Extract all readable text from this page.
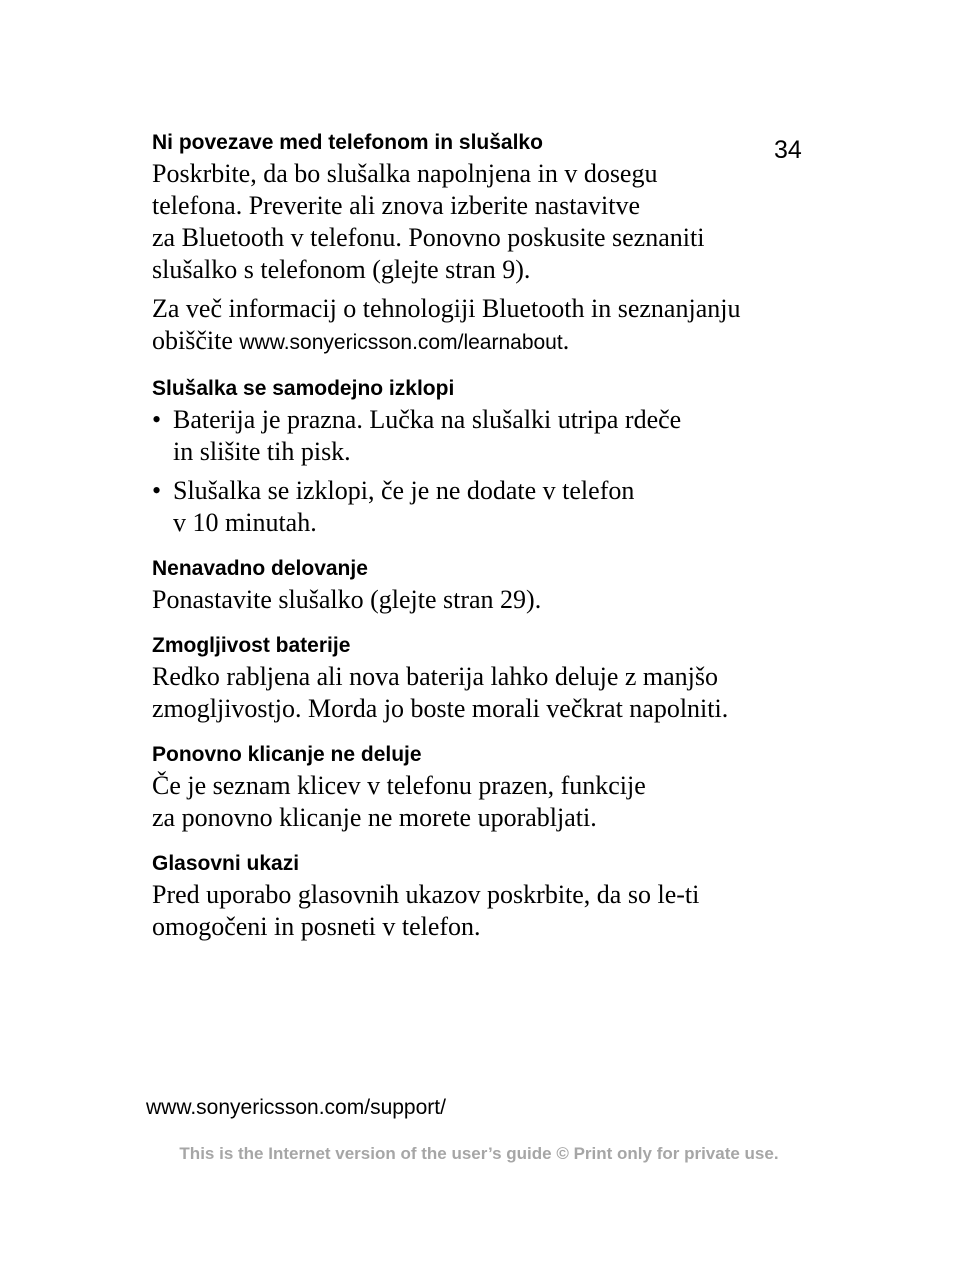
34

Ni povezave med telefonom in slušalko

Poskrbite, da bo slušalka napolnjena in v dosegu
telefona. Preverite ali znova izberite nastavitve
za Bluetooth v telefonu. Ponovno poskusite seznaniti
slušalko s telefonom (glejte stran 9).

Za več informacij o tehnologiji Bluetooth in seznanjanju
obiščite www.sonyericsson.com/learnabout.

Slušalka se samodejno izklopi
• Baterija je prazna. Lučka na slušalki utripa rdeče
in slišite tih pisk.

• Slušalka se izklopi, če je ne dodate v telefon
v 10 minutah.

Nenavadno delovanje

Ponastavite slušalko (glejte stran 29).

Zmogljivost baterije

Redko rabljena ali nova baterija lahko deluje z manjšo
zmogljivostjo. Morda jo boste morali večkrat napolniti.

Ponovno klicanje ne deluje

Če je seznam klicev v telefonu prazen, funkcije
za ponovno klicanje ne morete uporabljati.

Glasovni ukazi

Pred uporabo glasovnih ukazov poskrbite, da so le-ti
omogočeni in posneti v telefon.

www.sonyericsson.com/support/

This is the Internet version of the user’s guide © Print only for private use.
